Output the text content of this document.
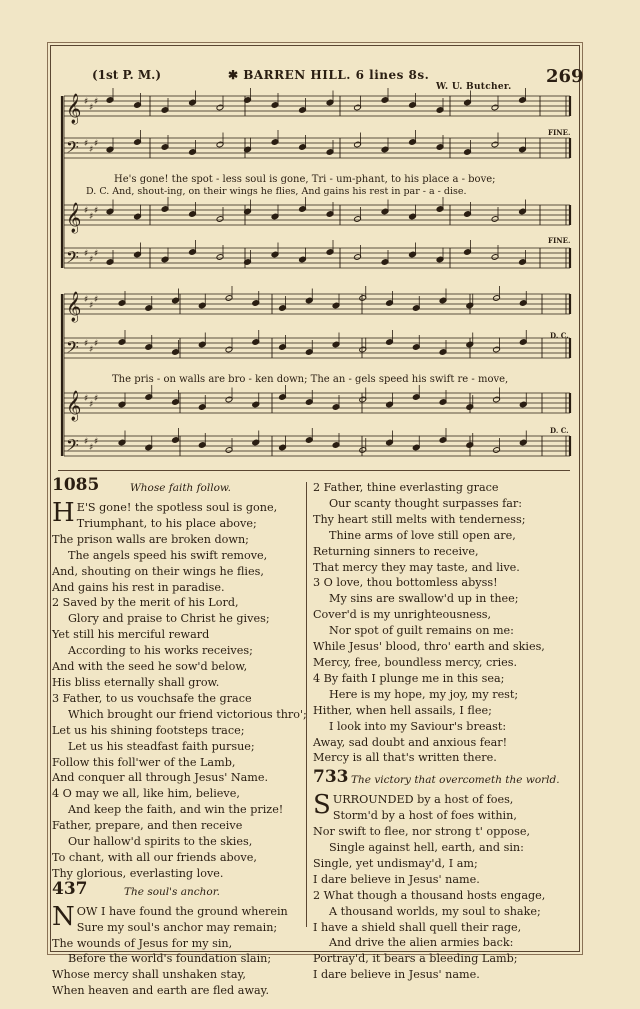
(1st P. M.)	✱ BARREN HILL. 6 lines 8s.
W. U. Butcher. 269
𝄞 ♯
♯
♯
𝄢 ♯
♯
♯
𝄞 ♯
♯
♯
𝄢 ♯
♯
♯
𝄞 ♯
♯
♯
𝄢 ♯
♯
♯
𝄞 ♯
♯
♯
𝄢 ♯
♯
♯
He's gone! the spot - less soul is gone, Tri - um-phant, to his place a - bove;
D. C. And, shout-ing, on their wings he flies, And gains his rest in par - a - dise.
The pris - on walls are bro - ken down; The an - gels speed his swift re - move,
FINE.
FINE.
D. C.
D. C.
1085	Whose faith follow.

H E'S gone! the spotless soul is gone,

Triumphant, to his place above;

The prison walls are broken down;

The angels speed his swift remove,

And, shouting on their wings he flies,

And gains his rest in paradise.

2 Saved by the merit of his Lord,

Glory and praise to Christ he gives;

Yet still his merciful reward

According to his works receives;

And with the seed he sow'd below,

His bliss eternally shall grow.

3 Father, to us vouchsafe the grace

Which brought our friend victorious thro';

Let us his shining footsteps trace;

Let us his steadfast faith pursue;

Follow this foll'wer of the Lamb,

And conquer all through Jesus' Name.

4 O may we all, like him, believe,

And keep the faith, and win the prize!

Father, prepare, and then receive

Our hallow'd spirits to the skies,

To chant, with all our friends above,

Thy glorious, everlasting love.

437	The soul's anchor.

NOW I have found the ground wherein

Sure my soul's anchor may remain;

The wounds of Jesus for my sin,

Before the world's foundation slain;

Whose mercy shall unshaken stay,

When heaven and earth are fled away.

2 Father, thine everlasting grace

Our scanty thought surpasses far:

Thy heart still melts with tenderness;

Thine arms of love still open are,

Returning sinners to receive,

That mercy they may taste, and live.

3 O love, thou bottomless abyss!

My sins are swallow'd up in thee;

Cover'd is my unrighteousness,

Nor spot of guilt remains on me:

While Jesus' blood, thro' earth and skies,

Mercy, free, boundless mercy, cries.

4 By faith I plunge me in this sea;

Here is my hope, my joy, my rest;

Hither, when hell assails, I flee;

I look into my Saviour's breast:

Away, sad doubt and anxious fear!

Mercy is all that's written there.

733 The victory that overcometh the world.

SURROUNDED by a host of foes,

Storm'd by a host of foes within,

Nor swift to flee, nor strong t' oppose,

Single against hell, earth, and sin:

Single, yet undismay'd, I am;

I dare believe in Jesus' name.

2 What though a thousand hosts engage,

A thousand worlds, my soul to shake;

I have a shield shall quell their rage,

And drive the alien armies back:

Portray'd, it bears a bleeding Lamb;

I dare believe in Jesus' name.
